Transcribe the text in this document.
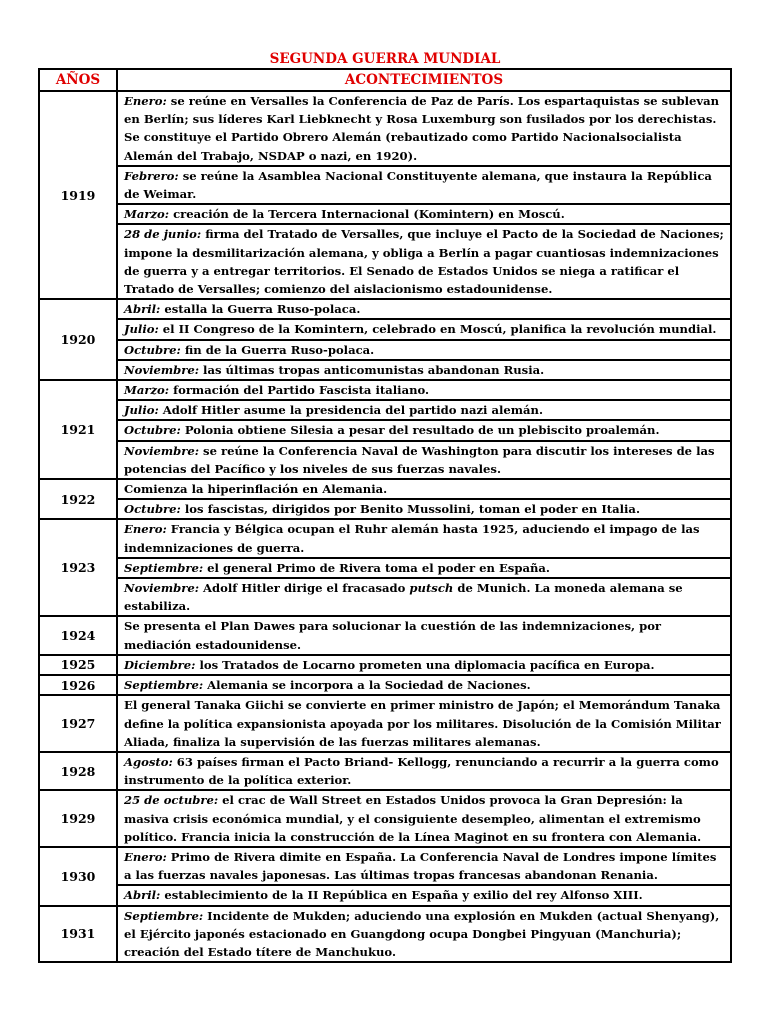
SEGUNDA GUERRA MUNDIAL
AÑOS	ACONTECIMIENTOS
1919	Enero: se reúne en Versalles la Conferencia de Paz de París. Los espartaquistas se sublevan en Berlín; sus líderes Karl Liebknecht y Rosa Luxemburg son fusilados por los derechistas. Se constituye el Partido Obrero Alemán (rebautizado como Partido Nacionalsocialista Alemán del Trabajo, NSDAP o nazi, en 1920).
Febrero: se reúne la Asamblea Nacional Constituyente alemana, que instaura la República de Weimar.
Marzo: creación de la Tercera Internacional (Komintern) en Moscú.
28 de junio: firma del Tratado de Versalles, que incluye el Pacto de la Sociedad de Naciones; impone la desmilitarización alemana, y obliga a Berlín a pagar cuantiosas indemnizaciones de guerra y a entregar territorios. El Senado de Estados Unidos se niega a ratificar el Tratado de Versalles; comienzo del aislacionismo estadounidense.

1920	Abril: estalla la Guerra Ruso-polaca.
Julio: el II Congreso de la Komintern, celebrado en Moscú, planifica la revolución mundial.
Octubre: fin de la Guerra Ruso-polaca.
Noviembre: las últimas tropas anticomunistas abandonan Rusia.

1921	Marzo: formación del Partido Fascista italiano.
Julio: Adolf Hitler asume la presidencia del partido nazi alemán.
Octubre: Polonia obtiene Silesia a pesar del resultado de un plebiscito proalemán.
Noviembre: se reúne la Conferencia Naval de Washington para discutir los intereses de las potencias del Pacífico y los niveles de sus fuerzas navales.

1922	Comienza la hiperinflación en Alemania.
Octubre: los fascistas, dirigidos por Benito Mussolini, toman el poder en Italia.

1923	Enero: Francia y Bélgica ocupan el Ruhr alemán hasta 1925, aduciendo el impago de las indemnizaciones de guerra.
Septiembre: el general Primo de Rivera toma el poder en España.
Noviembre: Adolf Hitler dirige el fracasado putsch de Munich. La moneda alemana se estabiliza.

1924	Se presenta el Plan Dawes para solucionar la cuestión de las indemnizaciones, por mediación estadounidense.

1925	Diciembre: los Tratados de Locarno prometen una diplomacia pacífica en Europa.

1926	Septiembre: Alemania se incorpora a la Sociedad de Naciones.

1927	El general Tanaka Giichi se convierte en primer ministro de Japón; el Memorándum Tanaka define la política expansionista apoyada por los militares. Disolución de la Comisión Militar Aliada, finaliza la supervisión de las fuerzas militares alemanas.

1928	Agosto: 63 países firman el Pacto Briand- Kellogg, renunciando a recurrir a la guerra como instrumento de la política exterior.

1929	25 de octubre: el crac de Wall Street en Estados Unidos provoca la Gran Depresión: la masiva crisis económica mundial, y el consiguiente desempleo, alimentan el extremismo político. Francia inicia la construcción de la Línea Maginot en su frontera con Alemania.

1930	Enero: Primo de Rivera dimite en España. La Conferencia Naval de Londres impone límites a las fuerzas navales japonesas. Las últimas tropas francesas abandonan Renania.
Abril: establecimiento de la II República en España y exilio del rey Alfonso XIII.

1931	Septiembre: Incidente de Mukden; aduciendo una explosión en Mukden (actual Shenyang), el Ejército japonés estacionado en Guangdong ocupa Dongbei Pingyuan (Manchuria); creación del Estado títere de Manchukuo.
